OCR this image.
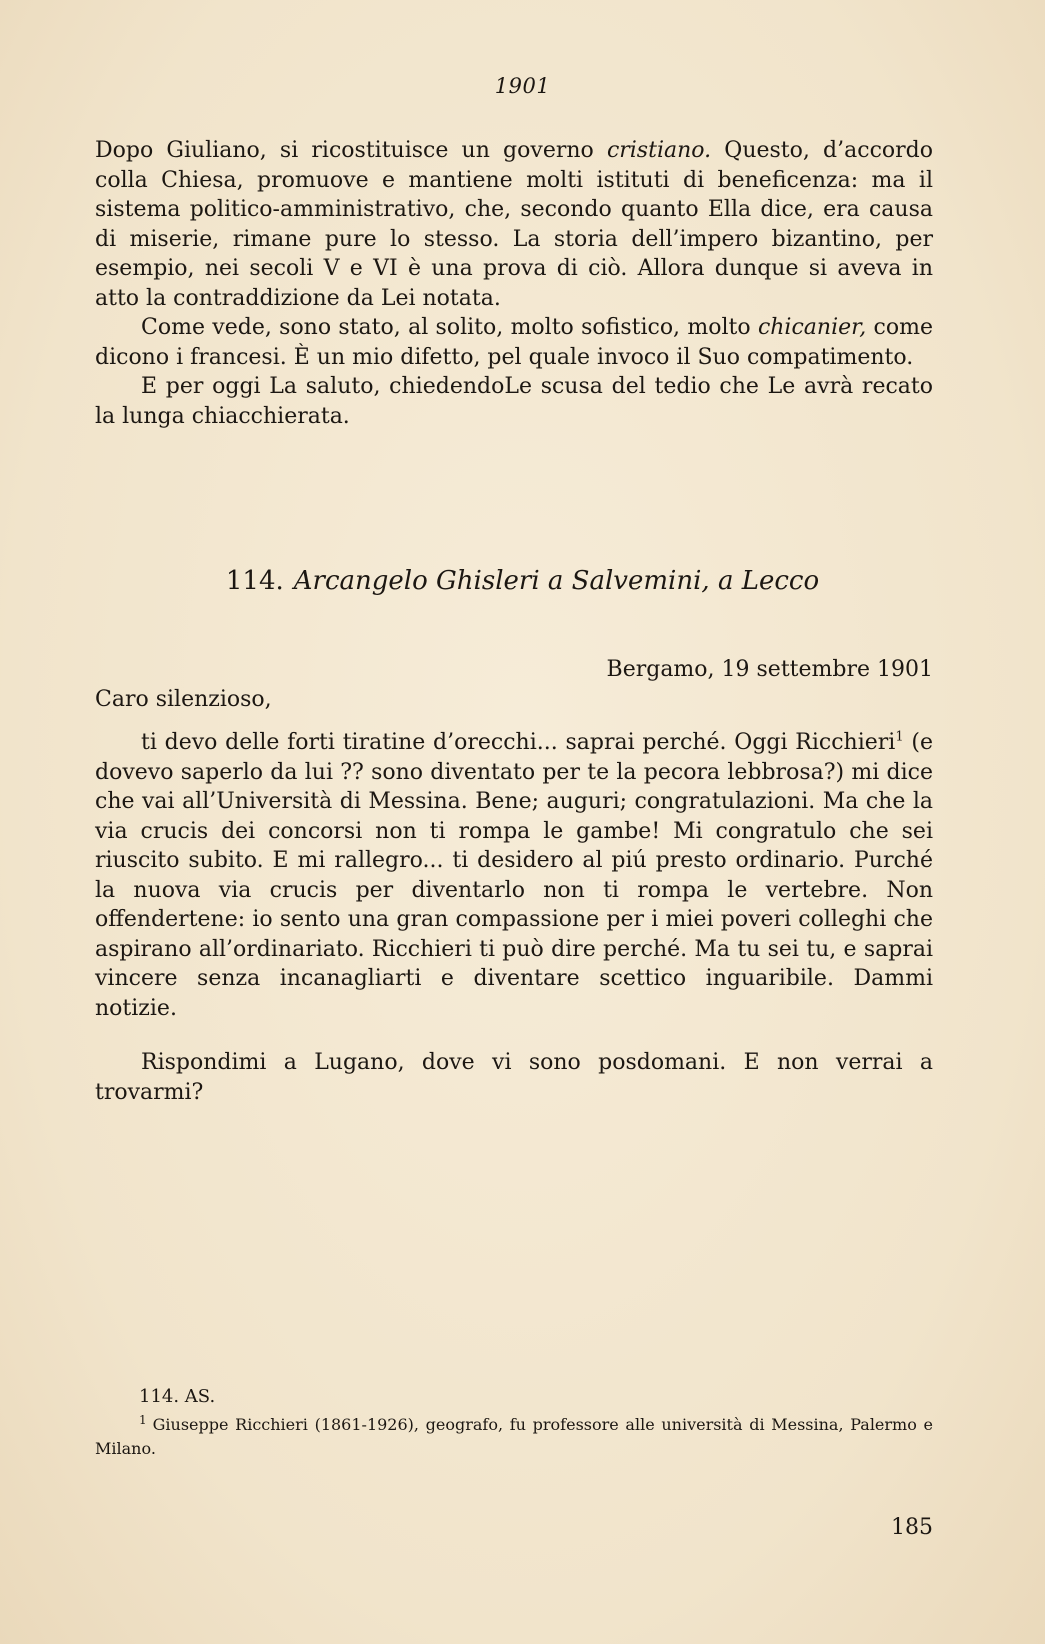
1901

Dopo Giuliano, si ricostituisce un governo cristiano. Questo, d’accordo colla Chiesa, promuove e mantiene molti istituti di beneficenza: ma il sistema politico-amministrativo, che, secondo quanto Ella dice, era causa di miserie, rimane pure lo stesso. La storia dell’impero bizantino, per esempio, nei secoli V e VI è una prova di ciò. Allora dunque si aveva in atto la contraddizione da Lei notata.

Come vede, sono stato, al solito, molto sofistico, molto chicanier, come dicono i francesi. È un mio difetto, pel quale invoco il Suo compatimento.

E per oggi La saluto, chiedendoLe scusa del tedio che Le avrà recato la lunga chiacchierata.

114. Arcangelo Ghisleri a Salvemini, a Lecco
Bergamo, 19 settembre 1901
Caro silenzioso,

ti devo delle forti tiratine d’orecchi... saprai perché. Oggi Ricchieri$^1$ (e dovevo saperlo da lui ?? sono diventato per te la pecora lebbrosa?) mi dice che vai all’Università di Messina. Bene; auguri; congratulazioni. Ma che la via crucis dei concorsi non ti rompa le gambe! Mi congratulo che sei riuscito subito. E mi rallegro... ti desidero al piú presto ordinario. Purché la nuova via crucis per diventarlo non ti rompa le vertebre. Non offendertene: io sento una gran compassione per i miei poveri colleghi che aspirano all’ordinariato. Ricchieri ti può dire perché. Ma tu sei tu, e saprai vincere senza incanagliarti e diventare scettico inguaribile. Dammi notizie.

Rispondimi a Lugano, dove vi sono posdomani. E non verrai a trovarmi?

114. AS.

$^1$ Giuseppe Ricchieri (1861-1926), geografo, fu professore alle università di Messina, Palermo e Milano.

185
